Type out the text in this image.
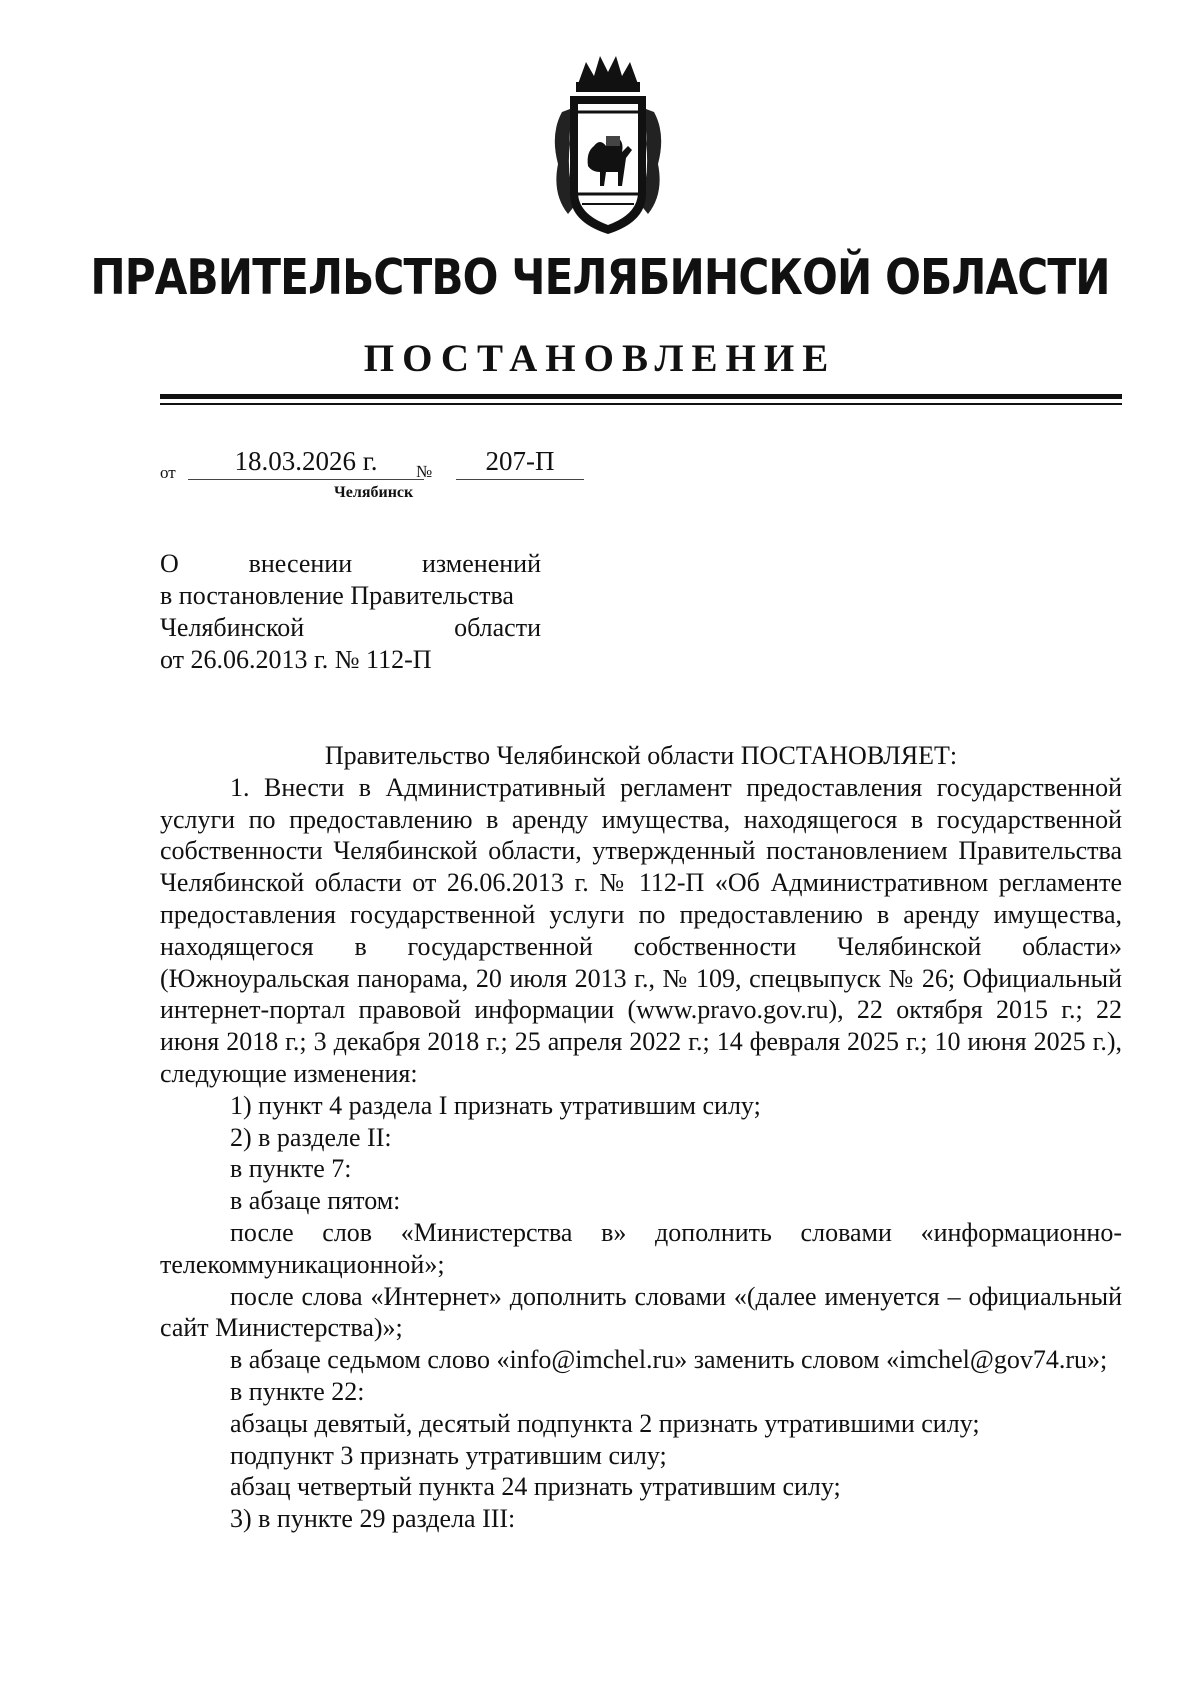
ПРАВИТЕЛЬСТВО ЧЕЛЯБИНСКОЙ ОБЛАСТИ
ПОСТАНОВЛЕНИЕ
от	18.03.2026 г.	№	207-П
Челябинск
О внесении изменений
в постановление Правительства
Челябинской области
от 26.06.2013 г. № 112-П

Правительство Челябинской области ПОСТАНОВЛЯЕТ:

1. Внести в Административный регламент предоставления государственной услуги по предоставлению в аренду имущества, находящегося в государственной собственности Челябинской области, утвержденный постановлением Правительства Челябинской области от 26.06.2013 г. № 112-П «Об Административном регламенте предоставления государственной услуги по предоставлению в аренду имущества, находящегося в государственной собственности Челябинской области» (Южноуральская панорама, 20 июля 2013 г., № 109, спецвыпуск № 26; Официальный интернет-портал правовой информации (www.pravo.gov.ru), 22 октября 2015 г.; 22 июня 2018 г.; 3 декабря 2018 г.; 25 апреля 2022 г.; 14 февраля 2025 г.; 10 июня 2025 г.), следующие изменения:

1) пункт 4 раздела I признать утратившим силу;

2) в разделе II:

в пункте 7:

в абзаце пятом:

после слов «Министерства в» дополнить словами «информационно-телекоммуникационной»;

после слова «Интернет» дополнить словами «(далее именуется – официальный сайт Министерства)»;

в абзаце седьмом слово «info@imchel.ru» заменить словом «imchel@gov74.ru»;

в пункте 22:

абзацы девятый, десятый подпункта 2 признать утратившими силу;

подпункт 3 признать утратившим силу;

абзац четвертый пункта 24 признать утратившим силу;

3) в пункте 29 раздела III:
